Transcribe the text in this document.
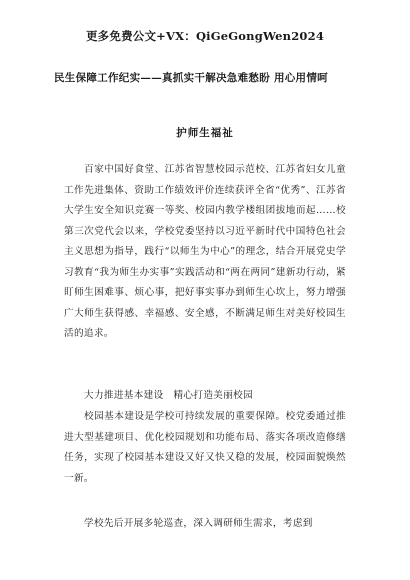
更多免费公文+VX：QiGeGongWen2024
民生保障工作纪实——真抓实干解决急难愁盼 用心用情呵
护师生福祉
百家中国好食堂、江苏省智慧校园示范校、江苏省妇女儿童工作先进集体、资助工作绩效评价连续获评全省“优秀”、江苏省大学生安全知识竞赛一等奖、校园内教学楼组团拔地而起……校第三次党代会以来，学校党委坚持以习近平新时代中国特色社会主义思想为指导，践行“以师生为中心”的理念，结合开展党史学习教育“我为师生办实事”实践活动和“两在两同”建新功行动，紧盯师生困难事、烦心事，把好事实事办到师生心坎上，努力增强广大师生获得感、幸福感、安全感，不断满足师生对美好校园生活的追求。
大力推进基本建设　精心打造美丽校园
校园基本建设是学校可持续发展的重要保障。校党委通过推进大型基建项目、优化校园规划和功能布局、落实各项改造修缮任务，实现了校园基本建设又好又快又稳的发展，校园面貌焕然一新。
学校先后开展多轮巡查，深入调研师生需求，考虑到
